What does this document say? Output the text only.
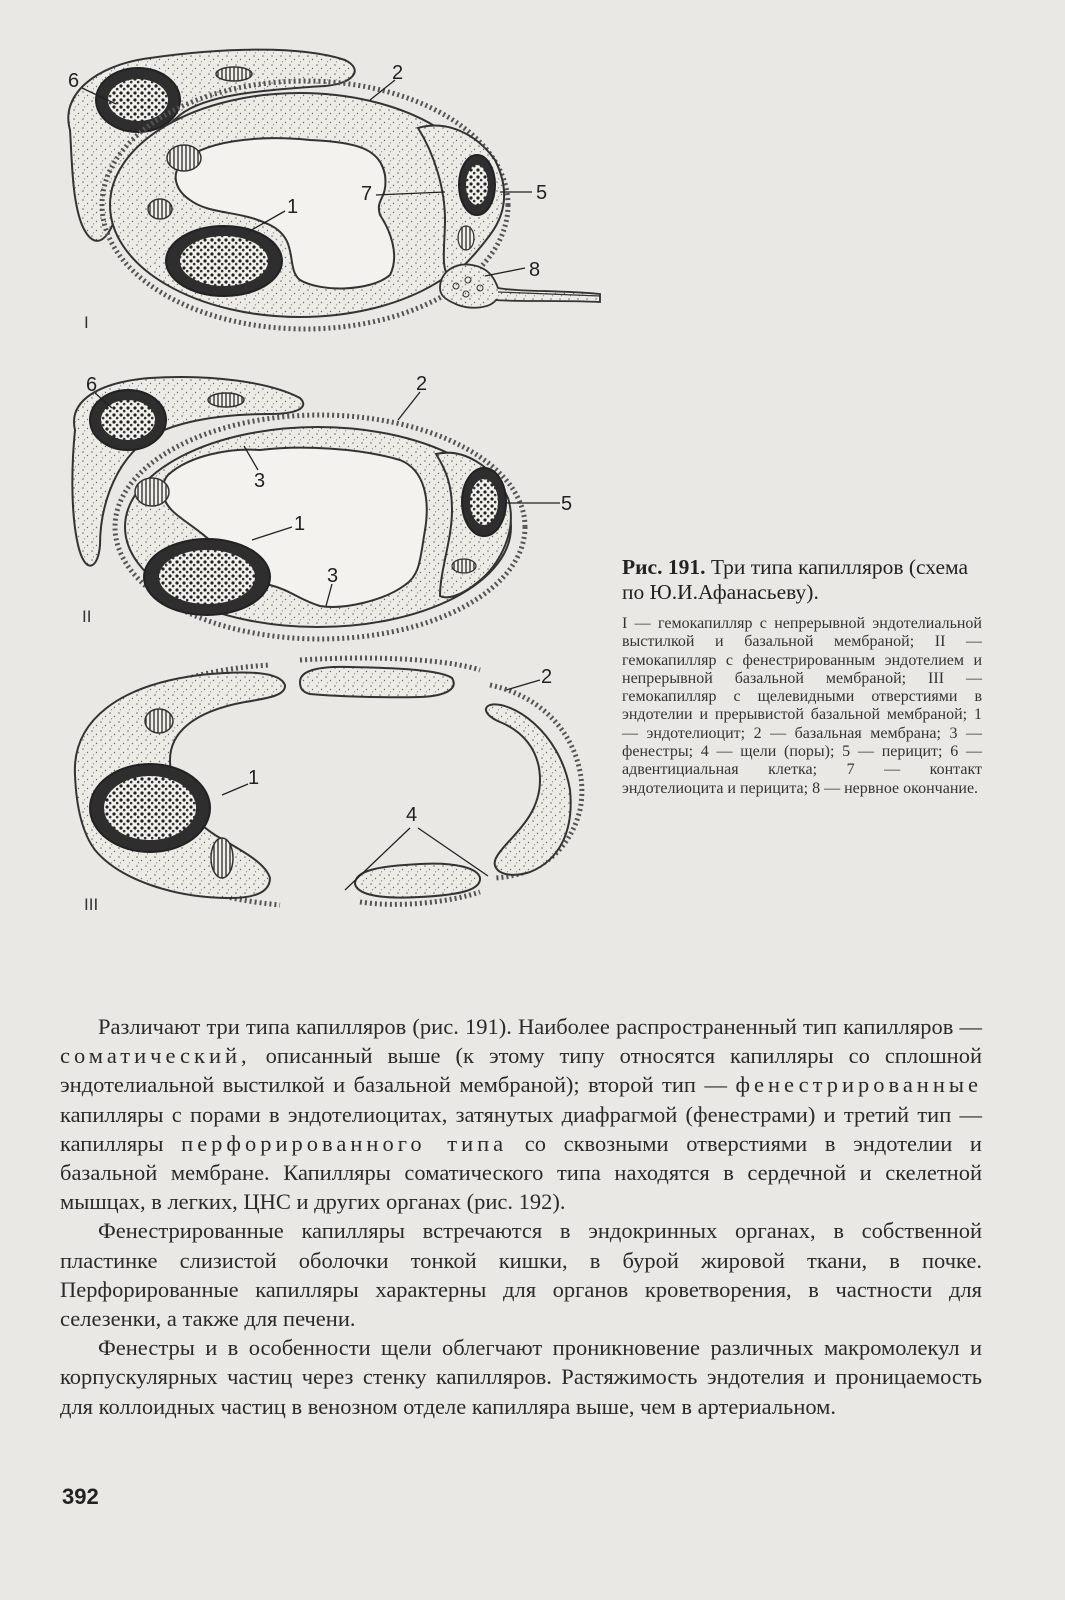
I
6	2
1
7	5
8
II
6	2
3
1
5
3
III
2
1
4
Рис. 191. Три типа капилляров (схема по Ю.И.Афанасьеву).
I — гемокапилляр с непрерывной эндотелиальной выстилкой и базальной мембраной; II — гемокапилляр с фенестрированным эндотелием и непрерывной базальной мембраной; III — гемокапилляр с щелевидными отверстиями в эндотелии и прерывистой базальной мембраной; 1 — эндотелиоцит; 2 — базальная мембрана; 3 — фенестры; 4 — щели (поры); 5 — перицит; 6 — адвентициальная клетка; 7 — контакт эндотелиоцита и перицита; 8 — нервное окончание.

Различают три типа капилляров (рис. 191). Наиболее распространенный тип капилляров — соматический, описанный выше (к этому типу относятся капилляры со сплошной эндотелиальной выстилкой и базальной мембраной); второй тип — фенестрированные капилляры с порами в эндотелиоцитах, затянутых диафрагмой (фенестрами) и третий тип — капилляры перфорированного типа со сквозными отверстиями в эндотелии и базальной мембране. Капилляры соматического типа находятся в сердечной и скелетной мышцах, в легких, ЦНС и других органах (рис. 192).

Фенестрированные капилляры встречаются в эндокринных органах, в собственной пластинке слизистой оболочки тонкой кишки, в бурой жировой ткани, в почке. Перфорированные капилляры характерны для органов кроветворения, в частности для селезенки, а также для печени.

Фенестры и в особенности щели облегчают проникновение различных макромолекул и корпускулярных частиц через стенку капилляров. Растяжимость эндотелия и проницаемость для коллоидных частиц в венозном отделе капилляра выше, чем в артериальном.

392
